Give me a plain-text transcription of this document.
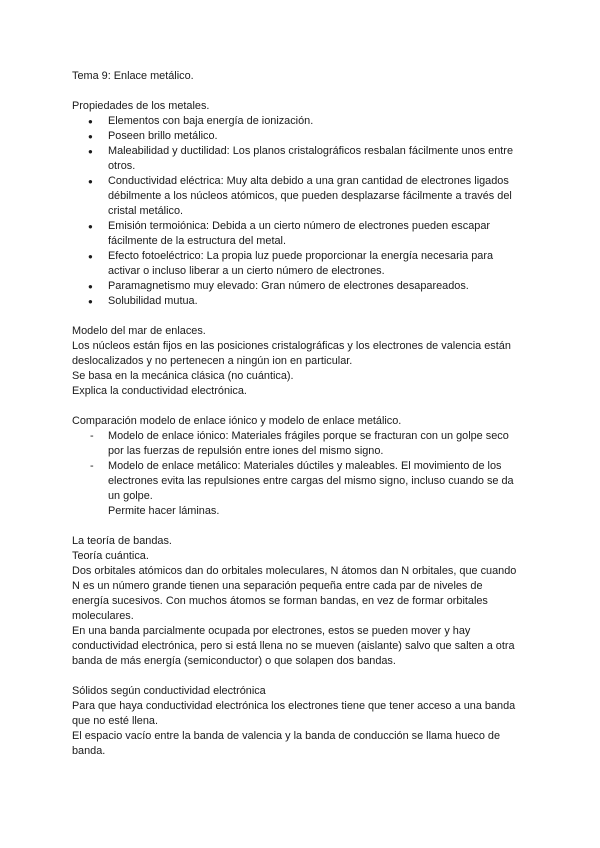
Tema 9: Enlace metálico.

Propiedades de los metales.

● Elementos con baja energía de ionización.
● Poseen brillo metálico.
● Maleabilidad y ductilidad: Los planos cristalográficos resbalan fácilmente unos entre otros.
● Conductividad eléctrica: Muy alta debido a una gran cantidad de electrones ligados débilmente a los núcleos atómicos, que pueden desplazarse fácilmente a través del cristal metálico.
● Emisión termoiónica: Debida a un cierto número de electrones pueden escapar fácilmente de la estructura del metal.
● Efecto fotoeléctrico: La propia luz puede proporcionar la energía necesaria para activar o incluso liberar a un cierto número de electrones.
● Paramagnetismo muy elevado: Gran número de electrones desapareados.
● Solubilidad mutua.

Modelo del mar de enlaces.

Los núcleos están fijos en las posiciones cristalográficas y los electrones de valencia están deslocalizados y no pertenecen a ningún ion en particular.

Se basa en la mecánica clásica (no cuántica).

Explica la conductividad electrónica.

Comparación modelo de enlace iónico y modelo de enlace metálico.

- Modelo de enlace iónico: Materiales frágiles porque se fracturan con un golpe seco por las fuerzas de repulsión entre iones del mismo signo.
- Modelo de enlace metálico: Materiales dúctiles y maleables. El movimiento de los electrones evita las repulsiones entre cargas del mismo signo, incluso cuando se da un golpe.

Permite hacer láminas.

La teoría de bandas.

Teoría cuántica.

Dos orbitales atómicos dan do orbitales moleculares, N átomos dan N orbitales, que cuando N es un número grande tienen una separación pequeña entre cada par de niveles de energía sucesivos. Con muchos átomos se forman bandas, en vez de formar orbitales moleculares.

En una banda parcialmente ocupada por electrones, estos se pueden mover y hay conductividad electrónica, pero si está llena no se mueven (aislante) salvo que salten a otra banda de más energía (semiconductor) o que solapen dos bandas.

Sólidos según conductividad electrónica

Para que haya conductividad electrónica los electrones tiene que tener acceso a una banda que no esté llena.

El espacio vacío entre la banda de valencia y la banda de conducción se llama hueco de banda.
